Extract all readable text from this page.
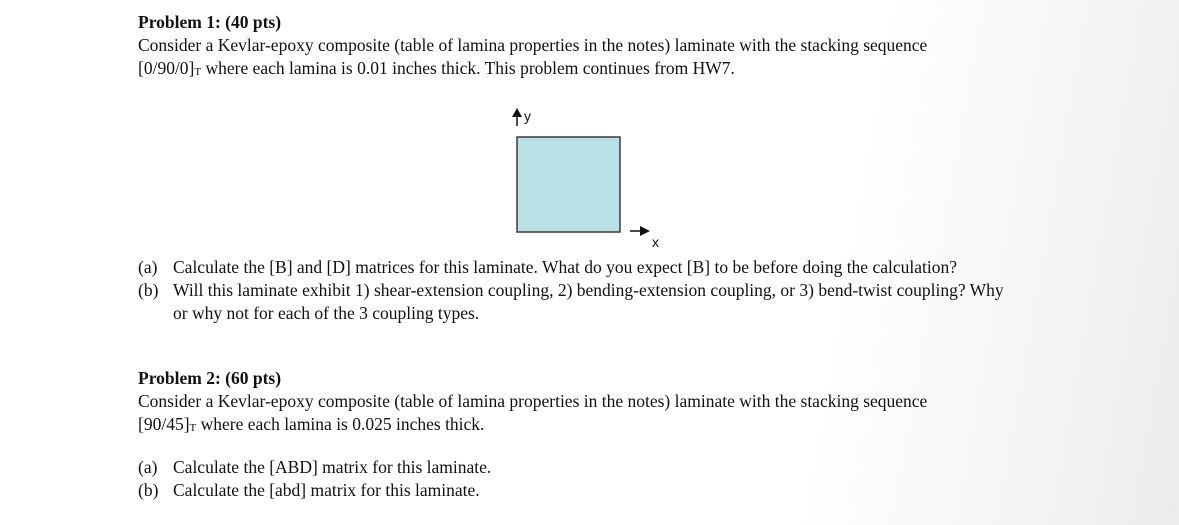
Problem 1: (40 pts)
Consider a Kevlar-epoxy composite (table of lamina properties in the notes) laminate with the stacking sequence
[0/90/0]T where each lamina is 0.01 inches thick. This problem continues from HW7.
y
x
(a) Calculate the [B] and [D] matrices for this laminate. What do you expect [B] to be before doing the calculation?
(b) Will this laminate exhibit 1) shear-extension coupling, 2) bending-extension coupling, or 3) bend-twist coupling? Why or why not for each of the 3 coupling types.
Problem 2: (60 pts)
Consider a Kevlar-epoxy composite (table of lamina properties in the notes) laminate with the stacking sequence
[90/45]T where each lamina is 0.025 inches thick.
(a) Calculate the [ABD] matrix for this laminate.
(b) Calculate the [abd] matrix for this laminate.
